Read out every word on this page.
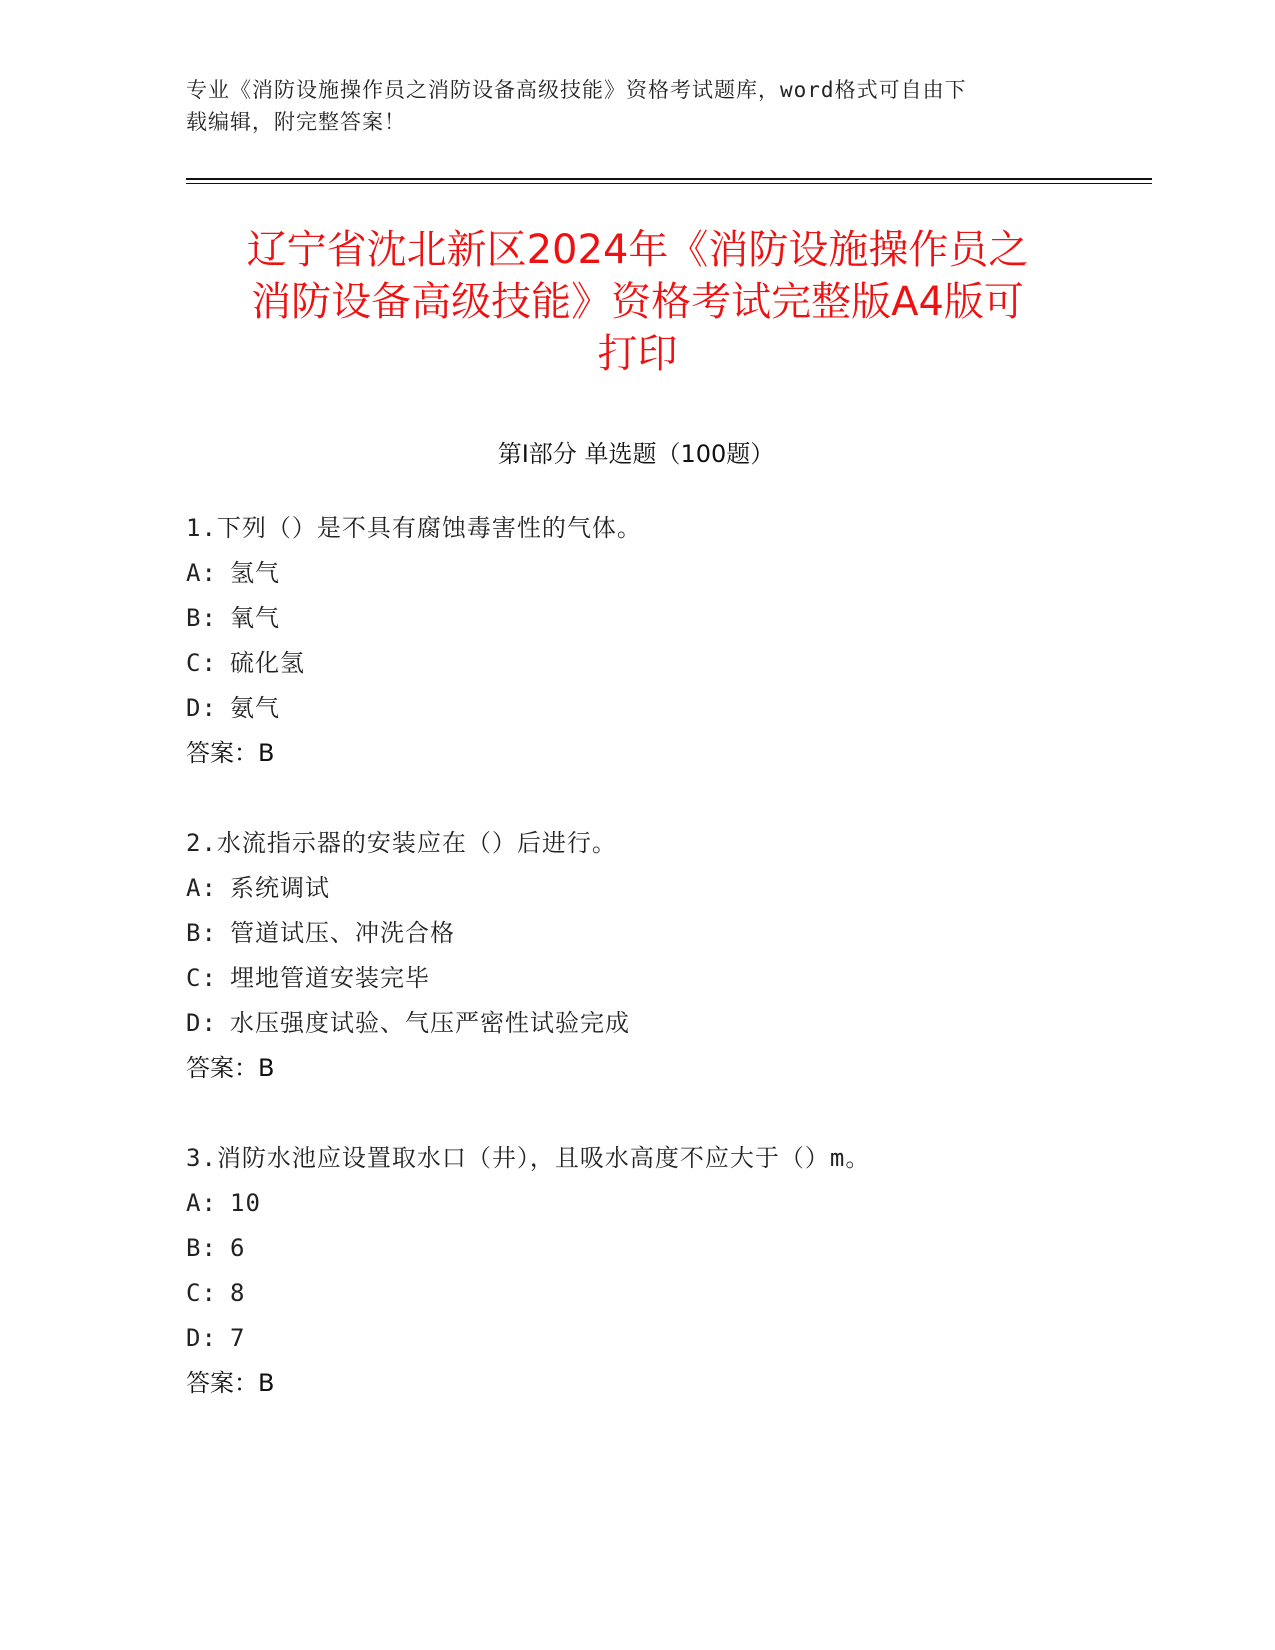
专业《消防设施操作员之消防设备高级技能》资格考试题库，word格式可自由下
载编辑，附完整答案！
辽宁省沈北新区2024年《消防设施操作员之
消防设备高级技能》资格考试完整版A4版可
打印
第Ⅰ部分 单选题（100题）
1.下列（）是不具有腐蚀毒害性的气体。
A: 氢气
B: 氧气
C: 硫化氢
D: 氨气
答案：B
2.水流指示器的安装应在（）后进行。
A: 系统调试
B: 管道试压、冲洗合格
C: 埋地管道安装完毕
D: 水压强度试验、气压严密性试验完成
答案：B
3.消防水池应设置取水口（井），且吸水高度不应大于（）m。
A: 10
B: 6
C: 8
D: 7
答案：B
